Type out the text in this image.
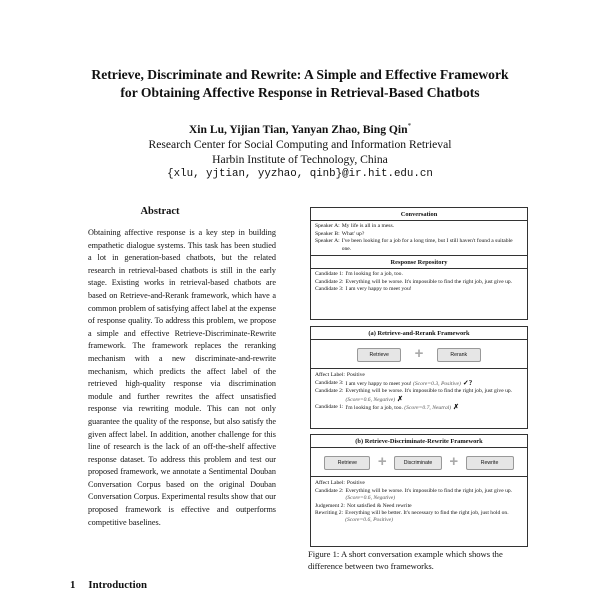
Retrieve, Discriminate and Rewrite: A Simple and Effective Framework
for Obtaining Affective Response in Retrieval-Based Chatbots
Xin Lu, Yijian Tian, Yanyan Zhao, Bing Qin*
Research Center for Social Computing and Information Retrieval
Harbin Institute of Technology, China
{xlu, yjtian, yyzhao, qinb}@ir.hit.edu.cn
Abstract
Obtaining affective response is a key step in building empathetic dialogue systems. This task has been studied a lot in generation-based chatbots, but the related research in retrieval-based chatbots is still in the early stage. Existing works in retrieval-based chatbots are based on Retrieve-and-Rerank framework, which have a common problem of satisfying affect label at the expense of response quality. To address this problem, we propose a simple and effective Retrieve-Discriminate-Rewrite framework. The framework replaces the reranking mechanism with a new discriminate-and-rewrite mechanism, which predicts the affect label of the retrieved high-quality response via discrimination module and further rewrites the affect unsatisfied response via rewriting module. This can not only guarantee the quality of the response, but also satisfy the given affect label. In addition, another challenge for this line of research is the lack of an off-the-shelf affective response dataset. To address this problem and test our proposed framework, we annotate a Sentimental Douban Conversation Corpus based on the original Douban Conversation Corpus. Experimental results show that our proposed framework is effective and outperforms competitive baselines.
1 Introduction
Conversation
Speaker A: My life is all in a mess.
Speaker B: What' up?
Speaker A: I've been looking for a job for a long time, but I still haven't found a suitable one.
Response Repository
Candidate 1: I'm looking for a job, too.
Candidate 2: Everything will be worse. It's impossible to find the right job, just give up.
Candidate 3: I am very happy to meet you!
(a) Retrieve-and-Rerank Framework
Retrieve +	Rerank
Affect Label: Positive
Candidate 3: I am very happy to meet you! (Score=0.3, Positive) ✓?
Candidate 2: Everything will be worse. It's impossible to find the right job, just give up. (Score=0.6, Negative) ✗
Candidate 1: I'm looking for a job, too. (Score=0.7, Neutral) ✗
(b) Retrieve-Discriminate-Rewrite Framework
Retrieve +	Discriminate +	Rewrite
Affect Label: Positive
Candidate 2: Everything will be worse. It's impossible to find the right job, just give up. (Score=0.6, Negative)
Judgement 2: Not satisfied & Need rewrite
Rewriting 2: Everything will be better. It's necessary to find the right job, just hold on. (Score=0.6, Positive)
Figure 1: A short conversation example which shows the difference between two frameworks.
